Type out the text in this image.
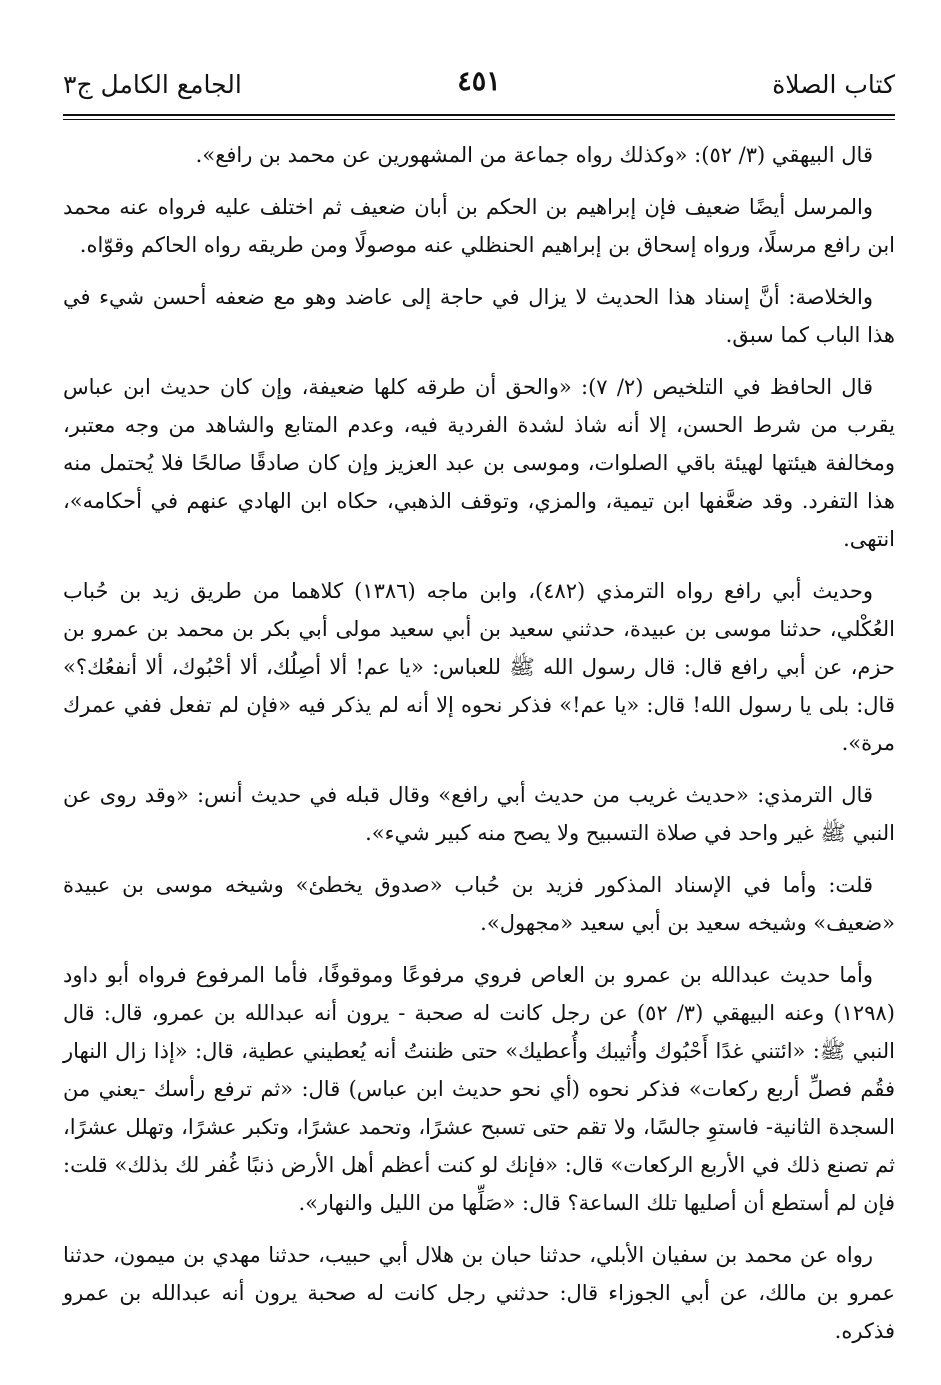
كتاب الصلاة
٤٥١
الجامع الكامل ج٣

قال البيهقي (٣/ ٥٢): «وكذلك رواه جماعة من المشهورين عن محمد بن رافع».

والمرسل أيضًا ضعيف فإن إبراهيم بن الحكم بن أبان ضعيف ثم اختلف عليه فرواه عنه محمد ابن رافع مرسلًا، ورواه إسحاق بن إبراهيم الحنظلي عنه موصولًا ومن طريقه رواه الحاكم وقوّاه.

والخلاصة: أنَّ إسناد هذا الحديث لا يزال في حاجة إلى عاضد وهو مع ضعفه أحسن شيء في هذا الباب كما سبق.

قال الحافظ في التلخيص (٢/ ٧): «والحق أن طرقه كلها ضعيفة، وإن كان حديث ابن عباس يقرب من شرط الحسن، إلا أنه شاذ لشدة الفردية فيه، وعدم المتابع والشاهد من وجه معتبر، ومخالفة هيئتها لهيئة باقي الصلوات، وموسى بن عبد العزيز وإن كان صادقًا صالحًا فلا يُحتمل منه هذا التفرد. وقد ضعَّفها ابن تيمية، والمزي، وتوقف الذهبي، حكاه ابن الهادي عنهم في أحكامه»، انتهى.

وحديث أبي رافع رواه الترمذي (٤٨٢)، وابن ماجه (١٣٨٦) كلاهما من طريق زيد بن حُباب العُكْلي، حدثنا موسى بن عبيدة، حدثني سعيد بن أبي سعيد مولى أبي بكر بن محمد بن عمرو بن حزم، عن أبي رافع قال: قال رسول الله ﷺ للعباس: «يا عم! ألا أصِلُك، ألا أحْبُوك، ألا أنفعُك؟» قال: بلى يا رسول الله! قال: «يا عم!» فذكر نحوه إلا أنه لم يذكر فيه «فإن لم تفعل ففي عمرك مرة».

قال الترمذي: «حديث غريب من حديث أبي رافع» وقال قبله في حديث أنس: «وقد روى عن النبي ﷺ غير واحد في صلاة التسبيح ولا يصح منه كبير شيء».

قلت: وأما في الإسناد المذكور فزيد بن حُباب «صدوق يخطئ» وشيخه موسى بن عبيدة «ضعيف» وشيخه سعيد بن أبي سعيد «مجهول».

وأما حديث عبدالله بن عمرو بن العاص فروي مرفوعًا وموقوفًا، فأما المرفوع فرواه أبو داود (١٢٩٨) وعنه البيهقي (٣/ ٥٢) عن رجل كانت له صحبة - يرون أنه عبدالله بن عمرو، قال: قال النبي ﷺ: «ائتني غدًا أَحْبُوك وأُثيبك وأُعطيك» حتى ظننتُ أنه يُعطيني عطية، قال: «إذا زال النهار فقُم فصلِّ أربع ركعات» فذكر نحوه (أي نحو حديث ابن عباس) قال: «ثم ترفع رأسك -يعني من السجدة الثانية- فاستوِ جالسًا، ولا تقم حتى تسبح عشرًا، وتحمد عشرًا، وتكبر عشرًا، وتهلل عشرًا، ثم تصنع ذلك في الأربع الركعات» قال: «فإنك لو كنت أعظم أهل الأرض ذنبًا غُفر لك بذلك» قلت: فإن لم أستطع أن أصليها تلك الساعة؟ قال: «صَلِّها من الليل والنهار».

رواه عن محمد بن سفيان الأبلي، حدثنا حبان بن هلال أبي حبيب، حدثنا مهدي بن ميمون، حدثنا عمرو بن مالك، عن أبي الجوزاء قال: حدثني رجل كانت له صحبة يرون أنه عبدالله بن عمرو فذكره.
